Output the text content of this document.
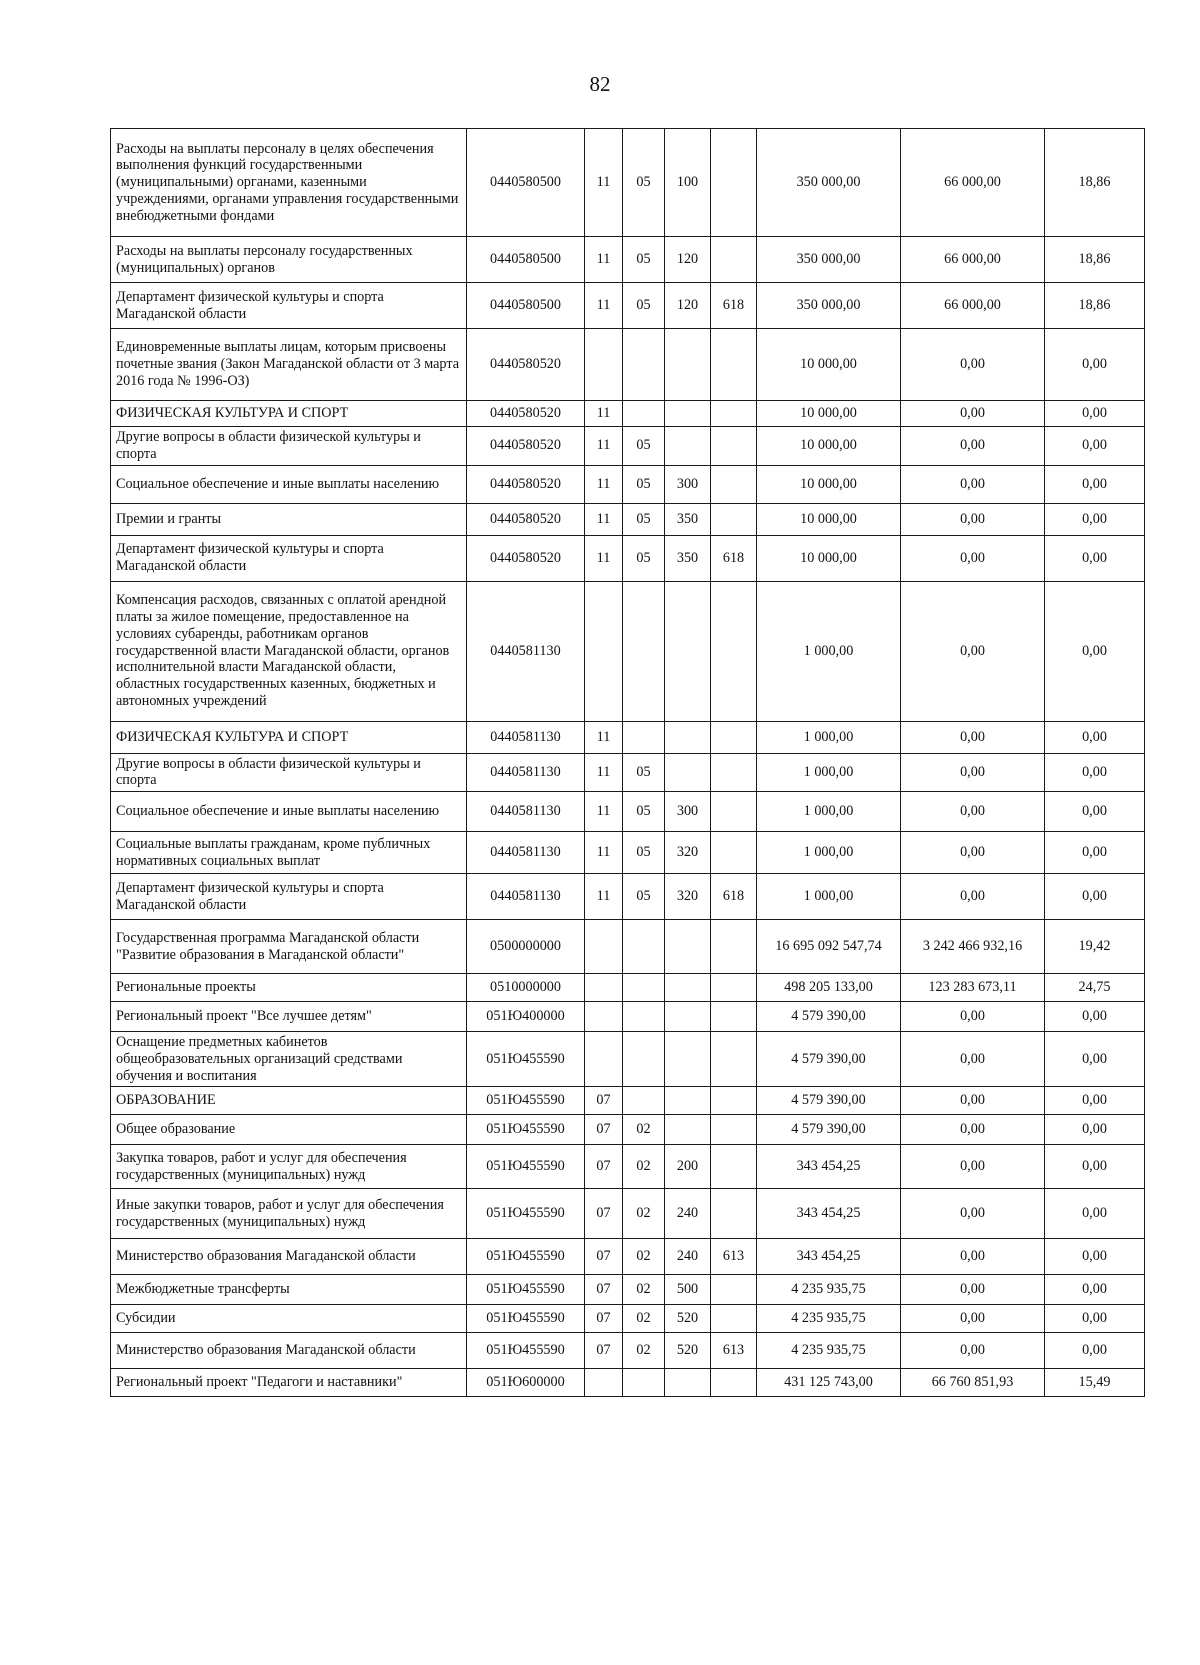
82
Расходы на выплаты персоналу в целях обеспечения выполнения функций государственными (муниципальными) органами, казенными учреждениями, органами управления государственными внебюджетными фондами	0440580500	11	05	100		350 000,00	66 000,00	18,86
Расходы на выплаты персоналу государственных (муниципальных) органов	0440580500	11	05	120		350 000,00	66 000,00	18,86
Департамент физической культуры и спорта Магаданской области	0440580500	11	05	120	618	350 000,00	66 000,00	18,86
Единовременные выплаты лицам, которым присвоены почетные звания (Закон Магаданской области от 3 марта 2016 года № 1996-ОЗ)	0440580520					10 000,00	0,00	0,00
ФИЗИЧЕСКАЯ КУЛЬТУРА И СПОРТ	0440580520	11				10 000,00	0,00	0,00
Другие вопросы в области физической культуры и спорта	0440580520	11	05			10 000,00	0,00	0,00
Социальное обеспечение и иные выплаты населению	0440580520	11	05	300		10 000,00	0,00	0,00
Премии и гранты	0440580520	11	05	350		10 000,00	0,00	0,00
Департамент физической культуры и спорта Магаданской области	0440580520	11	05	350	618	10 000,00	0,00	0,00
Компенсация расходов, связанных с оплатой арендной платы за жилое помещение, предоставленное на условиях субаренды, работникам органов государственной власти Магаданской области, органов исполнительной власти Магаданской области, областных государственных казенных, бюджетных и автономных учреждений	0440581130					1 000,00	0,00	0,00
ФИЗИЧЕСКАЯ КУЛЬТУРА И СПОРТ	0440581130	11				1 000,00	0,00	0,00
Другие вопросы в области физической культуры и спорта	0440581130	11	05			1 000,00	0,00	0,00
Социальное обеспечение и иные выплаты населению	0440581130	11	05	300		1 000,00	0,00	0,00
Социальные выплаты гражданам, кроме публичных нормативных социальных выплат	0440581130	11	05	320		1 000,00	0,00	0,00
Департамент физической культуры и спорта Магаданской области	0440581130	11	05	320	618	1 000,00	0,00	0,00
Государственная программа Магаданской области "Развитие образования в Магаданской области"	0500000000					16 695 092 547,74	3 242 466 932,16	19,42
Региональные проекты	0510000000					498 205 133,00	123 283 673,11	24,75
Региональный проект "Все лучшее детям"	051Ю400000					4 579 390,00	0,00	0,00
Оснащение предметных кабинетов общеобразовательных организаций средствами обучения и воспитания	051Ю455590					4 579 390,00	0,00	0,00
ОБРАЗОВАНИЕ	051Ю455590	07				4 579 390,00	0,00	0,00
Общее образование	051Ю455590	07	02			4 579 390,00	0,00	0,00
Закупка товаров, работ и услуг для обеспечения государственных (муниципальных) нужд	051Ю455590	07	02	200		343 454,25	0,00	0,00
Иные закупки товаров, работ и услуг для обеспечения государственных (муниципальных) нужд	051Ю455590	07	02	240		343 454,25	0,00	0,00
Министерство образования Магаданской области	051Ю455590	07	02	240	613	343 454,25	0,00	0,00
Межбюджетные трансферты	051Ю455590	07	02	500		4 235 935,75	0,00	0,00
Субсидии	051Ю455590	07	02	520		4 235 935,75	0,00	0,00
Министерство образования Магаданской области	051Ю455590	07	02	520	613	4 235 935,75	0,00	0,00
Региональный проект "Педагоги и наставники"	051Ю600000					431 125 743,00	66 760 851,93	15,49
